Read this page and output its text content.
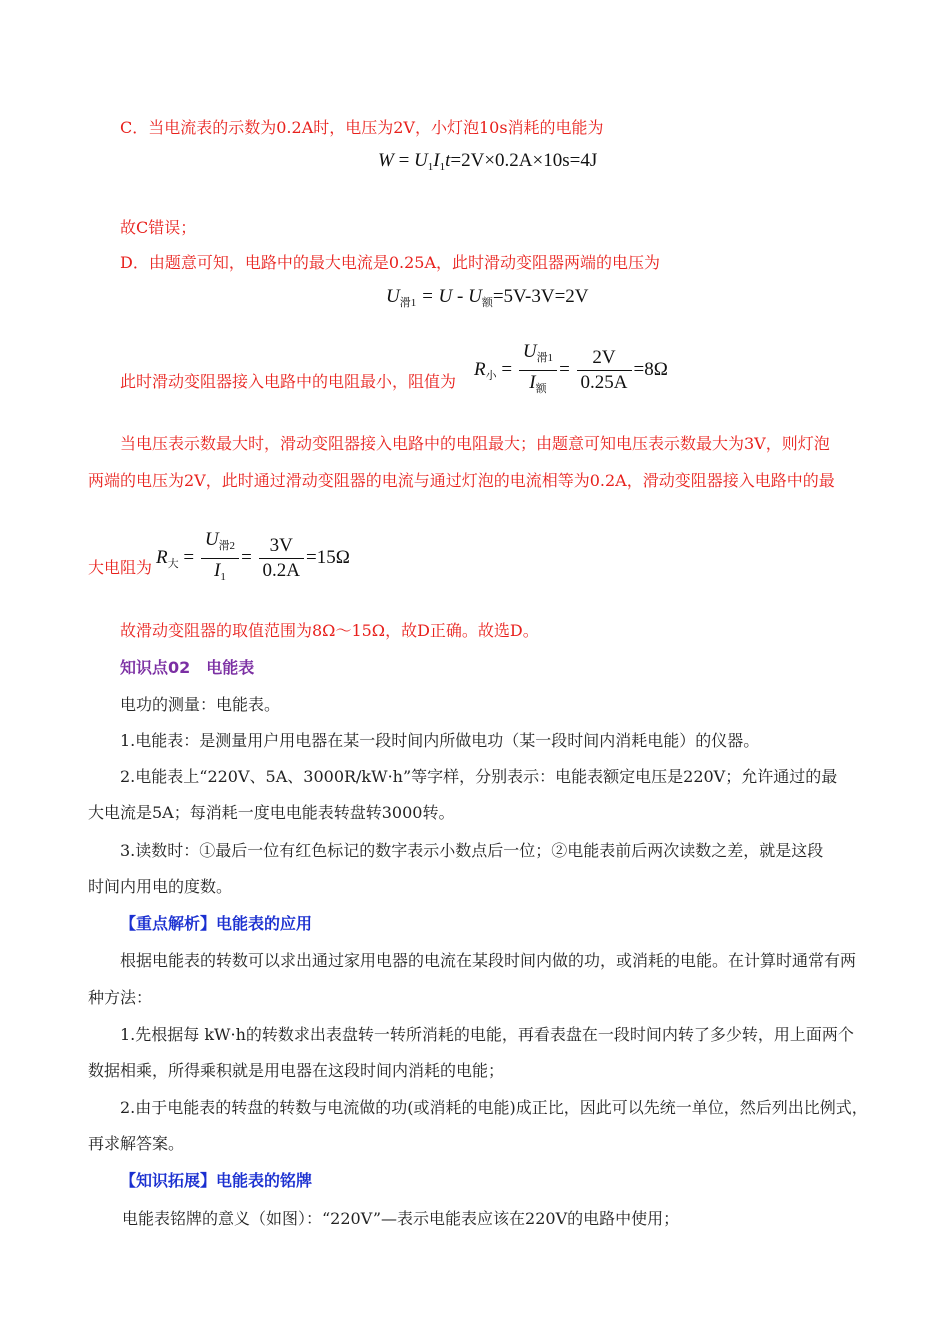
C．当电流表的示数为0.2A时，电压为2V，小灯泡10s消耗的电能为
$W = U_1I_1t=2V\times 0.2A\times 10s=4J$
故C错误；
D．由题意可知，电路中的最大电流是0.25A，此时滑动变阻器两端的电压为
$U_{滑1} = U - U_额=5V-3V=2V$
此时滑动变阻器接入电路中的电阻最小，阻值为
$R_小 = \frac{U_{滑1}}{I_额} = \frac{2V}{0.25A} =8\Omega$
当电压表示数最大时，滑动变阻器接入电路中的电阻最大；由题意可知电压表示数最大为3V，则灯泡
两端的电压为2V，此时通过滑动变阻器的电流与通过灯泡的电流相等为0.2A，滑动变阻器接入电路中的最
大电阻为 $R_大 = \frac{U_{滑2}}{I_1} = \frac{3V}{0.2A} =15\Omega$
故滑动变阻器的取值范围为8Ω～15Ω，故D正确。故选D。
知识点02　电能表
电功的测量：电能表。
1.电能表：是测量用户用电器在某一段时间内所做电功（某一段时间内消耗电能）的仪器。
2.电能表上“220V、5A、3000R/kW·h”等字样，分别表示：电能表额定电压是220V；允许通过的最
大电流是5A；每消耗一度电电能表转盘转3000转。
3.读数时：①最后一位有红色标记的数字表示小数点后一位；②电能表前后两次读数之差，就是这段
时间内用电的度数。
【重点解析】电能表的应用
根据电能表的转数可以求出通过家用电器的电流在某段时间内做的功，或消耗的电能。在计算时通常有两
种方法：
1.先根据每 kW·h的转数求出表盘转一转所消耗的电能，再看表盘在一段时间内转了多少转，用上面两个
数据相乘，所得乘积就是用电器在这段时间内消耗的电能；
2.由于电能表的转盘的转数与电流做的功(或消耗的电能)成正比，因此可以先统一单位，然后列出比例式，
再求解答案。
【知识拓展】电能表的铭牌
电能表铭牌的意义（如图）：“220V”—表示电能表应该在220V的电路中使用；
